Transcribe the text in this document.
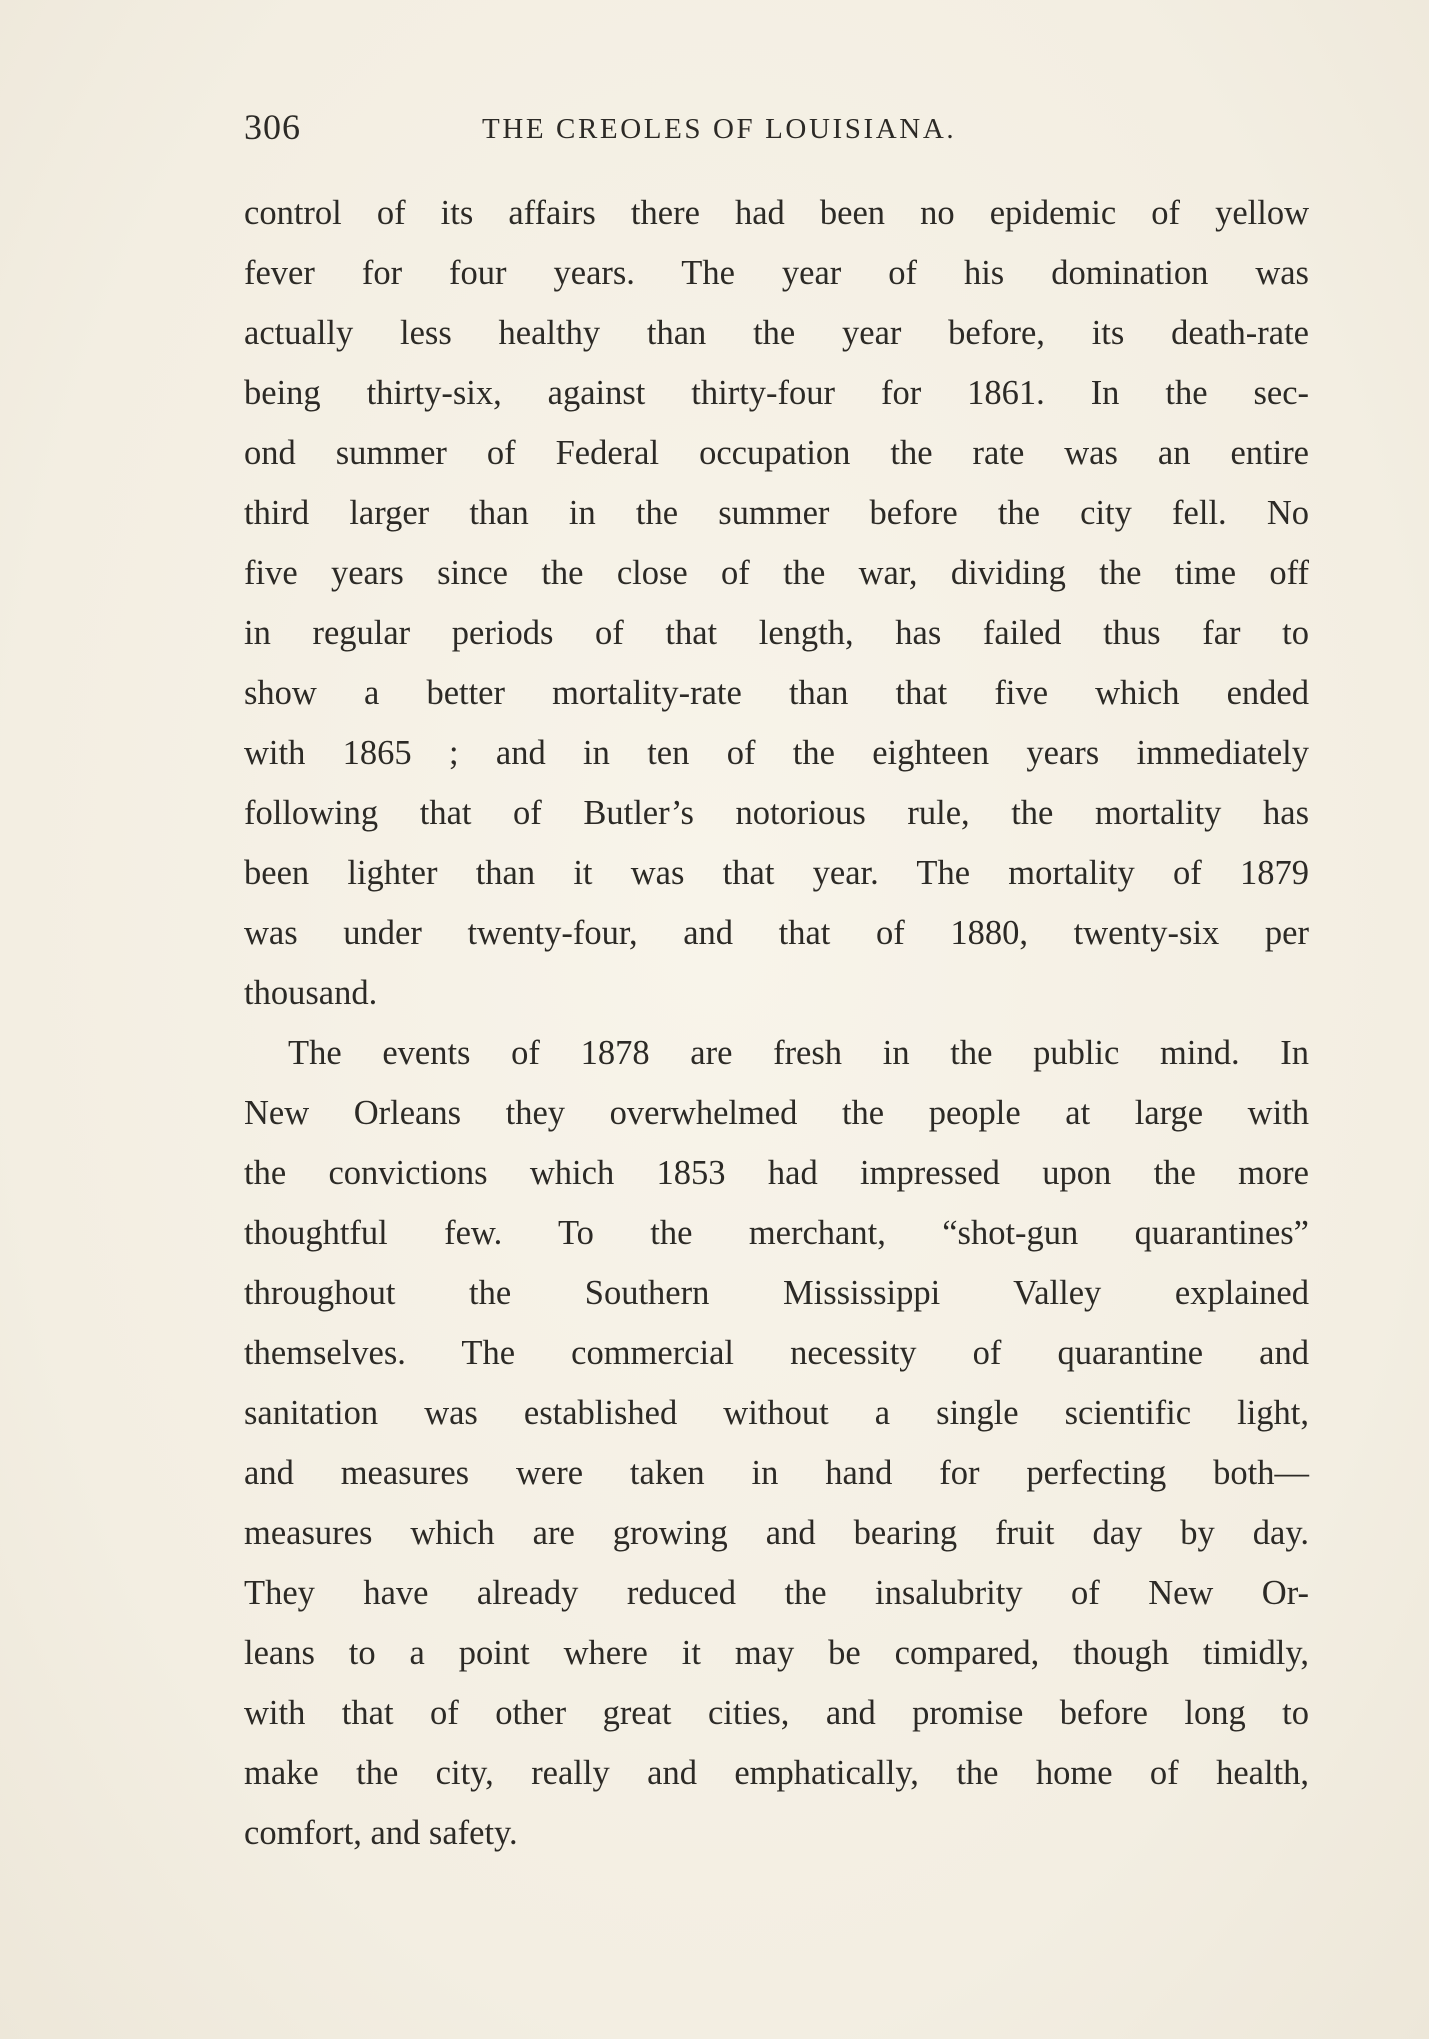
306	THE CREOLES OF LOUISIANA.
control of its affairs there had been no epidemic of yellow
fever for four years. The year of his domination was
actually less healthy than the year before, its death-rate
being thirty-six, against thirty-four for 1861. In the sec-
ond summer of Federal occupation the rate was an entire
third larger than in the summer before the city fell. No
five years since the close of the war, dividing the time off
in regular periods of that length, has failed thus far to
show a better mortality-rate than that five which ended
with 1865 ; and in ten of the eighteen years immediately
following that of Butler’s notorious rule, the mortality has
been lighter than it was that year. The mortality of 1879
was under twenty-four, and that of 1880, twenty-six per
thousand.
The events of 1878 are fresh in the public mind. In
New Orleans they overwhelmed the people at large with
the convictions which 1853 had impressed upon the more
thoughtful few. To the merchant, “shot-gun quarantines”
throughout the Southern Mississippi Valley explained
themselves. The commercial necessity of quarantine and
sanitation was established without a single scientific light,
and measures were taken in hand for perfecting both—
measures which are growing and bearing fruit day by day.
They have already reduced the insalubrity of New Or-
leans to a point where it may be compared, though timidly,
with that of other great cities, and promise before long to
make the city, really and emphatically, the home of health,
comfort, and safety.
